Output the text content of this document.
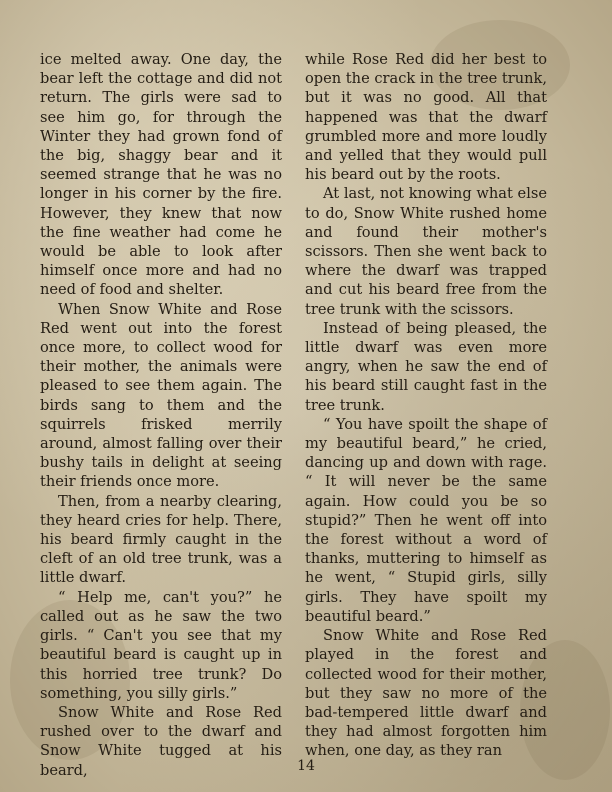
ice melted away. One day, the bear left the cottage and did not return. The girls were sad to see him go, for through the Winter they had grown fond of the big, shaggy bear and it seemed strange that he was no longer in his corner by the fire. However, they knew that now the fine weather had come he would be able to look after himself once more and had no need of food and shelter.

When Snow White and Rose Red went out into the forest once more, to collect wood for their mother, the animals were pleased to see them again. The birds sang to them and the squirrels frisked merrily around, almost falling over their bushy tails in delight at seeing their friends once more.

Then, from a nearby clearing, they heard cries for help. There, his beard firmly caught in the cleft of an old tree trunk, was a little dwarf.

“ Help me, can't you?” he called out as he saw the two girls. “ Can't you see that my beautiful beard is caught up in this horried tree trunk? Do something, you silly girls.”

Snow White and Rose Red rushed over to the dwarf and Snow White tugged at his beard,

while Rose Red did her best to open the crack in the tree trunk, but it was no good. All that happened was that the dwarf grumbled more and more loudly and yelled that they would pull his beard out by the roots.

At last, not knowing what else to do, Snow White rushed home and found their mother's scissors. Then she went back to where the dwarf was trapped and cut his beard free from the tree trunk with the scissors.

Instead of being pleased, the little dwarf was even more angry, when he saw the end of his beard still caught fast in the tree trunk.

“ You have spoilt the shape of my beautiful beard,” he cried, dancing up and down with rage. “ It will never be the same again. How could you be so stupid?” Then he went off into the forest without a word of thanks, muttering to himself as he went, “ Stupid girls, silly girls. They have spoilt my beautiful beard.”

Snow White and Rose Red played in the forest and collected wood for their mother, but they saw no more of the bad-tempered little dwarf and they had almost forgotten him when, one day, as they ran

14
